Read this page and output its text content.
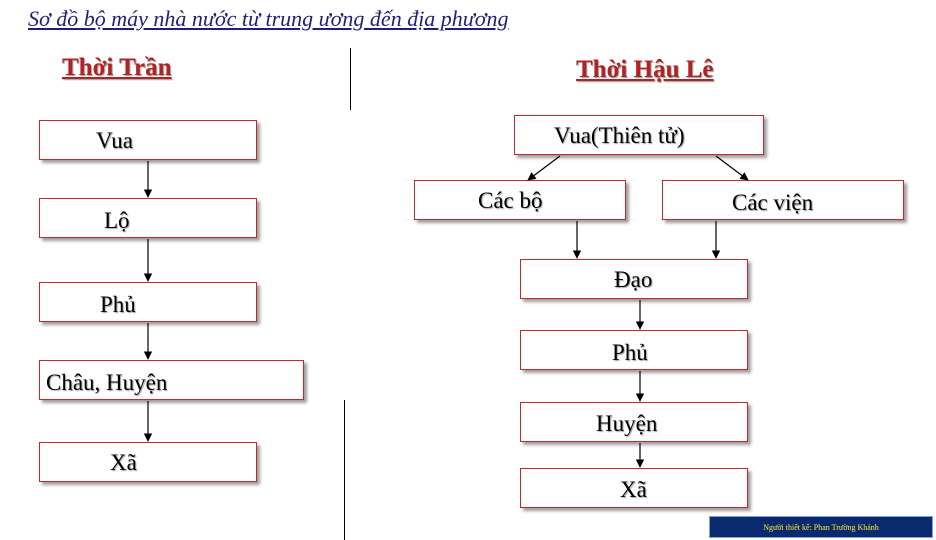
Sơ đồ bộ máy nhà nước từ trung ương đến địa phương
Thời Trần
Vua
Lộ
Phủ
Châu, Huyện
Xã
Thời Hậu Lê
Vua(Thiên tử)
Các bộ	Các viện
Đạo
Phủ
Huyện
Xã
Người thiết kế: Phan Trường Khánh
